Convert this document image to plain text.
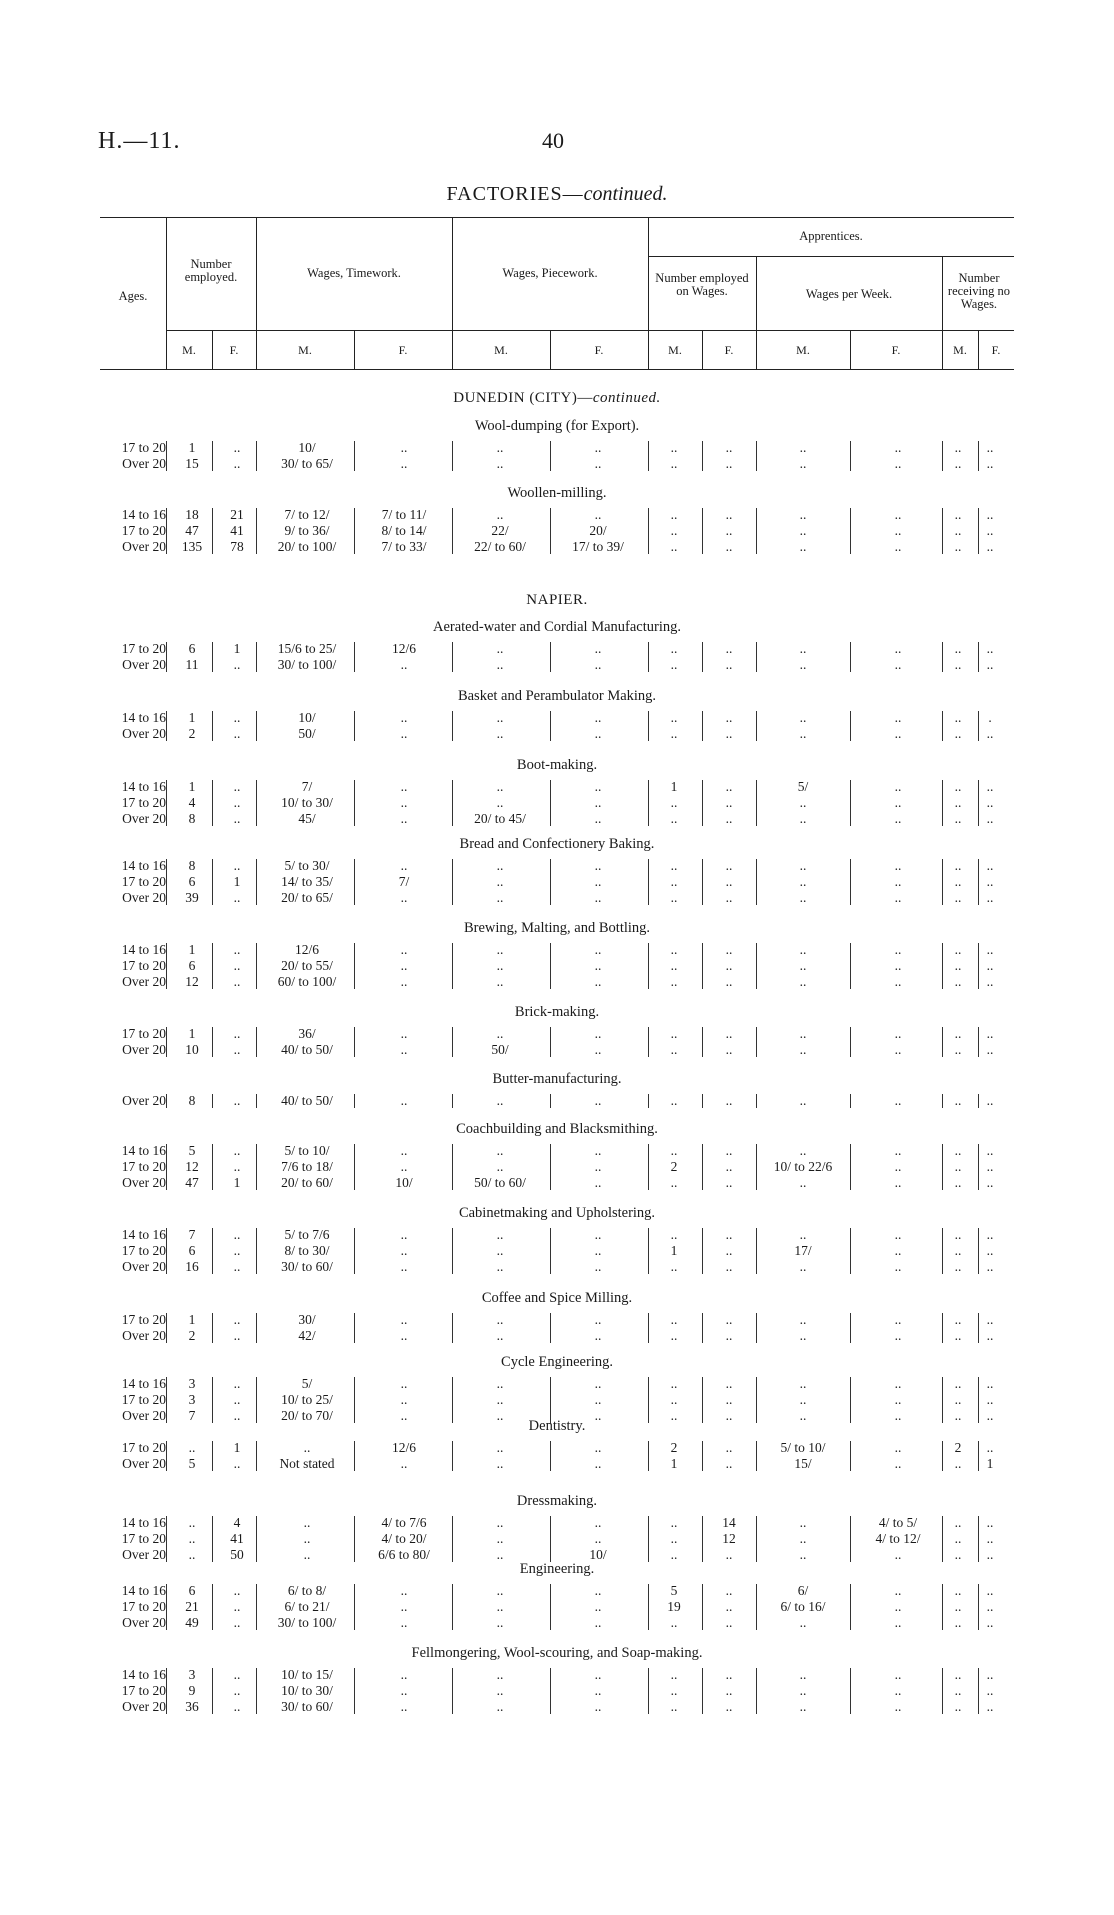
H.—11.	40
FACTORIES—continued.
Ages.
Number employed.	Wages, Timework.	Wages, Piecework.
Apprentices.
Number employed on Wages.	Wages per Week.
Number receiving no Wages.
M.	F.	M.	F.	M.	F.	M.	F.	M.	F.	M.	F.
DUNEDIN (CITY)—continued.
NAPIER.
Wool-dumping (for Export).
17 to 20	1	..	10/	..	..	..	..	..	..	..	..	..
Over 20	15	..	30/ to 65/	..	..	..	..	..	..	..	..	..
Woollen-milling.
14 to 16	18	21	7/ to 12/	7/ to 11/	..	..	..	..	..	..	..	..
17 to 20	47	41	9/ to 36/	8/ to 14/	22/	20/	..	..	..	..	..	..
Over 20	135	78	20/ to 100/	7/ to 33/	22/ to 60/	17/ to 39/	..	..	..	..	..	..
Aerated-water and Cordial Manufacturing.
17 to 20	6	1	15/6 to 25/	12/6	..	..	..	..	..	..	..	..
Over 20	11	..	30/ to 100/	..	..	..	..	..	..	..	..	..
Basket and Perambulator Making.
14 to 16	1	..	10/	..	..	..	..	..	..	..	..	.
Over 20	2	..	50/	..	..	..	..	..	..	..	..	..
Boot-making.
14 to 16	1	..	7/	..	..	..	1	..	5/	..	..	..
17 to 20	4	..	10/ to 30/	..	..	..	..	..	..	..	..	..
Over 20	8	..	45/	..	20/ to 45/	..	..	..	..	..	..	..
Bread and Confectionery Baking.
14 to 16	8	..	5/ to 30/	..	..	..	..	..	..	..	..	..
17 to 20	6	1	14/ to 35/	7/	..	..	..	..	..	..	..	..
Over 20	39	..	20/ to 65/	..	..	..	..	..	..	..	..	..
Brewing, Malting, and Bottling.
14 to 16	1	..	12/6	..	..	..	..	..	..	..	..	..
17 to 20	6	..	20/ to 55/	..	..	..	..	..	..	..	..	..
Over 20	12	..	60/ to 100/	..	..	..	..	..	..	..	..	..
Brick-making.
17 to 20	1	..	36/	..	..	..	..	..	..	..	..	..
Over 20	10	..	40/ to 50/	..	50/	..	..	..	..	..	..	..
Butter-manufacturing.
Over 20	8	..	40/ to 50/	..	..	..	..	..	..	..	..	..
Coachbuilding and Blacksmithing.
14 to 16	5	..	5/ to 10/	..	..	..	..	..	..	..	..	..
17 to 20	12	..	7/6 to 18/	..	..	..	2	..	10/ to 22/6	..	..	..
Over 20	47	1	20/ to 60/	10/	50/ to 60/	..	..	..	..	..	..	..
Cabinetmaking and Upholstering.
14 to 16	7	..	5/ to 7/6	..	..	..	..	..	..	..	..	..
17 to 20	6	..	8/ to 30/	..	..	..	1	..	17/	..	..	..
Over 20	16	..	30/ to 60/	..	..	..	..	..	..	..	..	..
Coffee and Spice Milling.
17 to 20	1	..	30/	..	..	..	..	..	..	..	..	..
Over 20	2	..	42/	..	..	..	..	..	..	..	..	..
Cycle Engineering.
14 to 16	3	..	5/	..	..	..	..	..	..	..	..	..
17 to 20	3	..	10/ to 25/	..	..	..	..	..	..	..	..	..
Over 20	7	..	20/ to 70/	..	..	..	..	..	..	..	..	..
Dentistry.
17 to 20	..	1	..	12/6	..	..	2	..	5/ to 10/	..	2	..
Over 20	5	..	Not stated	..	..	..	1	..	15/	..	..	1
Dressmaking.
14 to 16	..	4	..	4/ to 7/6	..	..	..	14	..	4/ to 5/	..	..
17 to 20	..	41	..	4/ to 20/	..	..	..	12	..	4/ to 12/	..	..
Over 20	..	50	..	6/6 to 80/	..	10/	..	..	..	..	..	..
Engineering.
14 to 16	6	..	6/ to 8/	..	..	..	5	..	6/	..	..	..
17 to 20	21	..	6/ to 21/	..	..	..	19	..	6/ to 16/	..	..	..
Over 20	49	..	30/ to 100/	..	..	..	..	..	..	..	..	..
Fellmongering, Wool-scouring, and Soap-making.
14 to 16	3	..	10/ to 15/	..	..	..	..	..	..	..	..	..
17 to 20	9	..	10/ to 30/	..	..	..	..	..	..	..	..	..
Over 20	36	..	30/ to 60/	..	..	..	..	..	..	..	..	..
